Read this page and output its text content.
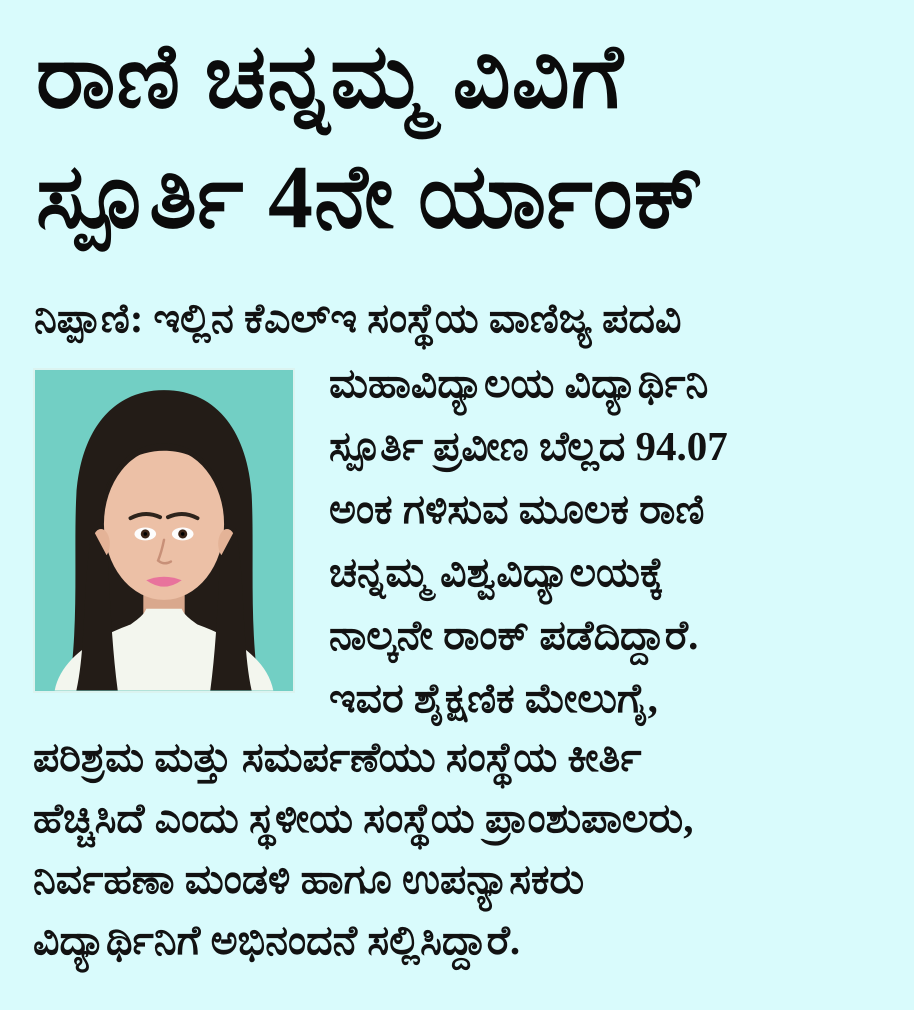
ರಾಣಿ ಚನ್ನಮ್ಮ ವಿವಿಗೆ
ಸ್ಪೂರ್ತಿ 4ನೇ ರ್ಯಾಂಕ್

ನಿಪ್ಪಾಣಿ: ಇಲ್ಲಿನ ಕೆಎಲ್‌ಇ ಸಂಸ್ಥೆಯ ವಾಣಿಜ್ಯ ಪದವಿ

ಮಹಾವಿದ್ಯಾಲಯ ವಿದ್ಯಾರ್ಥಿನಿ
ಸ್ಪೂರ್ತಿ ಪ್ರವೀಣ ಬೆಲ್ಲದ 94.07
ಅಂಕ ಗಳಿಸುವ ಮೂಲಕ ರಾಣಿ
ಚನ್ನಮ್ಮ ವಿಶ್ವವಿದ್ಯಾಲಯಕ್ಕೆ
ನಾಲ್ಕನೇ ರಾಂಕ್ ಪಡೆದಿದ್ದಾರೆ.
ಇವರ ಶೈಕ್ಷಣಿಕ ಮೇಲುಗೈ,
ಪರಿಶ್ರಮ ಮತ್ತು ಸಮರ್ಪಣೆಯು ಸಂಸ್ಥೆಯ ಕೀರ್ತಿ
ಹೆಚ್ಚಿಸಿದೆ ಎಂದು ಸ್ಥಳೀಯ ಸಂಸ್ಥೆಯ ಪ್ರಾಂಶುಪಾಲರು,
ನಿರ್ವಹಣಾ ಮಂಡಳಿ ಹಾಗೂ ಉಪನ್ಯಾಸಕರು
ವಿದ್ಯಾರ್ಥಿನಿಗೆ ಅಭಿನಂದನೆ ಸಲ್ಲಿಸಿದ್ದಾರೆ.
